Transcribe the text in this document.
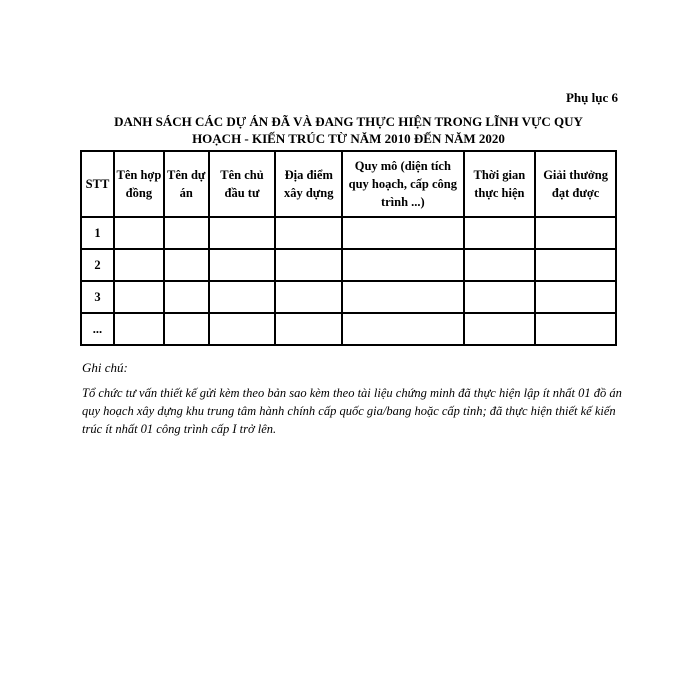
Phụ lục 6
DANH SÁCH CÁC DỰ ÁN ĐÃ VÀ ĐANG THỰC HIỆN TRONG LĨNH VỰC QUY
HOẠCH - KIẾN TRÚC TỪ NĂM 2010 ĐẾN NĂM 2020
STT	Tên hợp đồng	Tên dự án	Tên chủ đầu tư	Địa điểm xây dựng	Quy mô (diện tích quy hoạch, cấp công trình ...)	Thời gian thực hiện	Giải thưởng đạt được
1							
2							
3							
...							
Ghi chú:
Tổ chức tư vấn thiết kế gửi kèm theo bản sao kèm theo tài liệu chứng minh đã thực hiện lập ít nhất 01 đồ án quy hoạch xây dựng khu trung tâm hành chính cấp quốc gia/bang hoặc cấp tỉnh; đã thực hiện thiết kế kiến trúc ít nhất 01 công trình cấp I trở lên.
